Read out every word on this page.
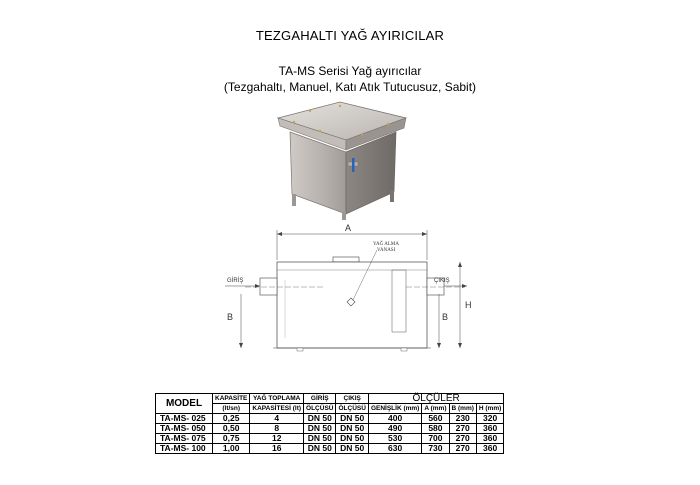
TEZGAHALTI YAĞ AYIRICILAR
TA-MS Serisi Yağ ayırıcılar
(Tezgahaltı, Manuel, Katı Atık Tutucusuz, Sabit)
A
GİRİŞ	ÇIKIŞ
YAĞ ALMA
VANASI
B	B
H
MODEL	KAPASİTE	YAĞ TOPLAMA	GİRİŞ	ÇIKIŞ	ÖLÇÜLER			
	(lt/sn)	KAPASİTESİ (lt)	ÖLÇÜSÜ	ÖLÇÜSÜ	GENİŞLİK (mm)	A (mm)	B (mm)	H (mm)
TA-MS- 025	0,25	4	DN 50	DN 50	400	560	230	320
TA-MS- 050	0,50	8	DN 50	DN 50	490	580	270	360
TA-MS- 075	0,75	12	DN 50	DN 50	530	700	270	360
TA-MS- 100	1,00	16	DN 50	DN 50	630	730	270	360
